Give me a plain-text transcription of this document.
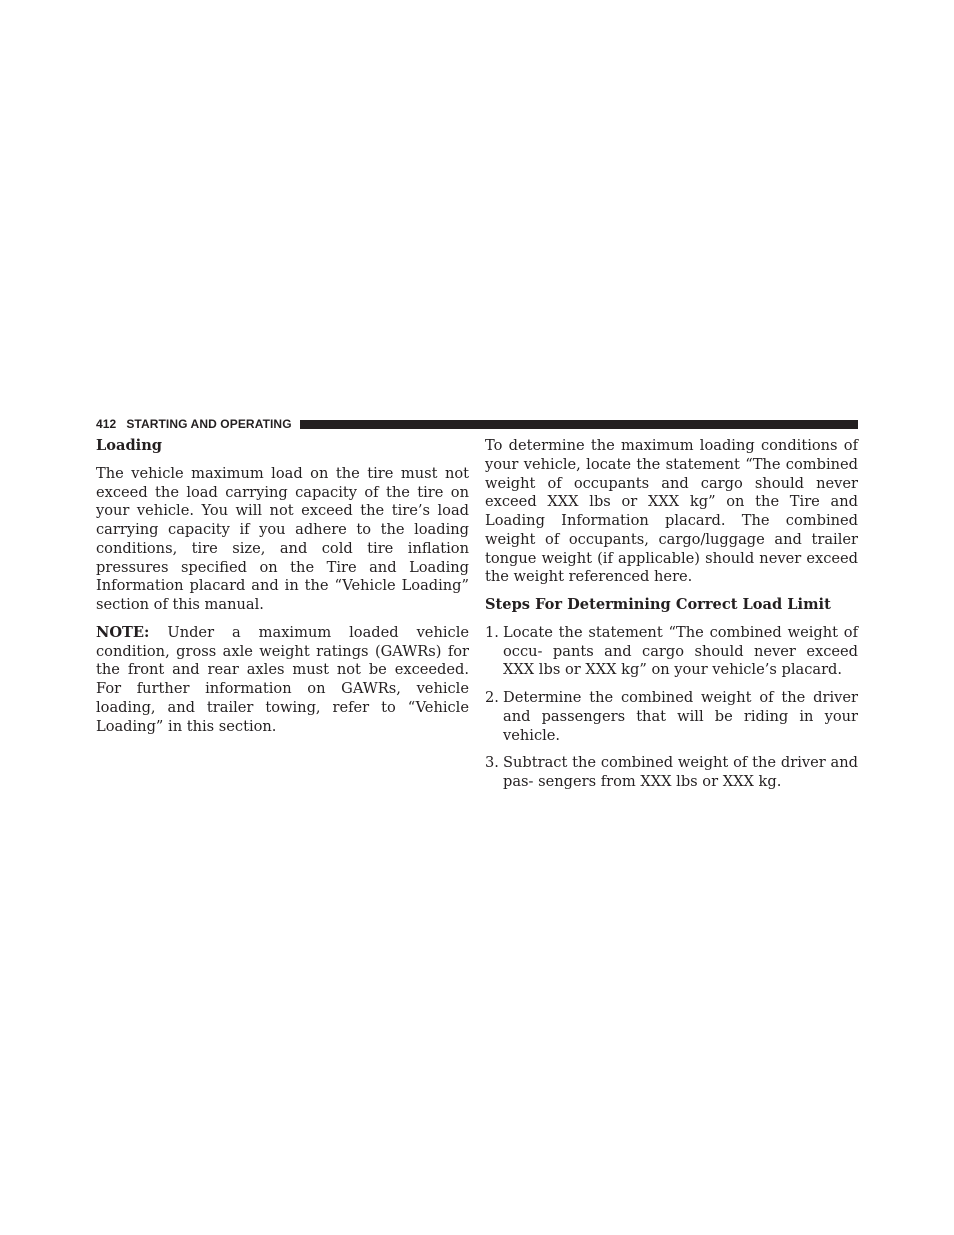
412 STARTING AND OPERATING
Loading

The vehicle maximum load on the tire must not exceed the load carrying capacity of the tire on your vehicle. You will not exceed the tire’s load carrying capacity if you adhere to the loading conditions, tire size, and cold tire inflation pressures specified on the Tire and Loading Information placard and in the “Vehicle Loading” section of this manual.

NOTE: Under a maximum loaded vehicle condition, gross axle weight ratings (GAWRs) for the front and rear axles must not be exceeded. For further information on GAWRs, vehicle loading, and trailer towing, refer to “Vehicle Loading” in this section.

To determine the maximum loading conditions of your vehicle, locate the statement “The combined weight of occupants and cargo should never exceed XXX lbs or XXX kg” on the Tire and Loading Information placard. The combined weight of occupants, cargo/luggage and trailer tongue weight (if applicable) should never exceed the weight referenced here.

Steps For Determining Correct Load Limit
1. Locate the statement “The combined weight of occu- pants and cargo should never exceed XXX lbs or XXX kg” on your vehicle’s placard.
2. Determine the combined weight of the driver and passengers that will be riding in your vehicle.
3. Subtract the combined weight of the driver and pas- sengers from XXX lbs or XXX kg.
